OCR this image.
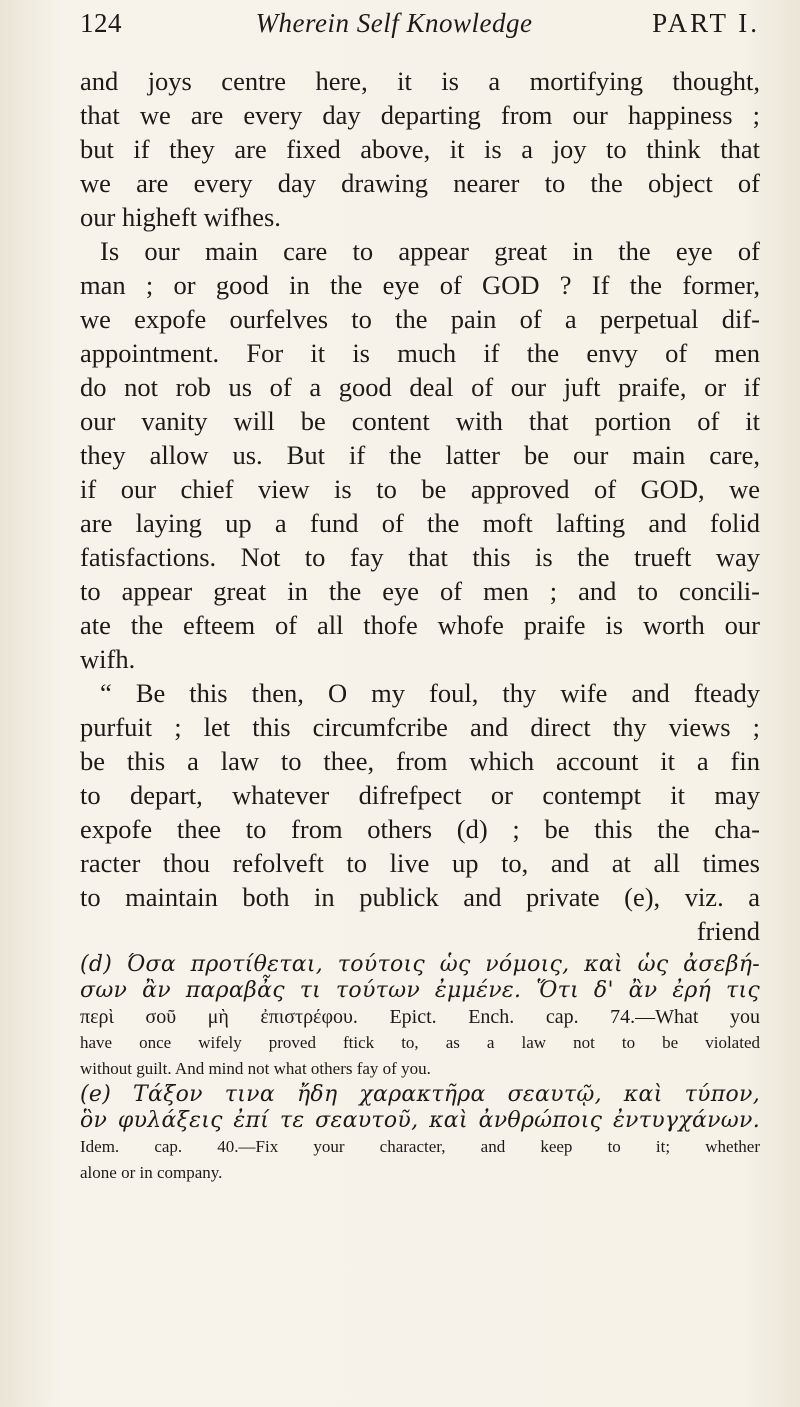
124	Wherein Self Knowledge	PART I.
and joys centre here, it is a mortifying thought,
that we are every day departing from our happiness ;
but if they are fixed above, it is a joy to think that
we are every day drawing nearer to the object of
our higheft wifhes.
Is our main care to appear great in the eye of
man ; or good in the eye of GOD ? If the former,
we expofe ourfelves to the pain of a perpetual dif-
appointment. For it is much if the envy of men
do not rob us of a good deal of our juft praife, or if
our vanity will be content with that portion of it
they allow us. But if the latter be our main care,
if our chief view is to be approved of GOD, we
are laying up a fund of the moft lafting and folid
fatisfactions. Not to fay that this is the trueft way
to appear great in the eye of men ; and to concili-
ate the efteem of all thofe whofe praife is worth our
wifh.
“ Be this then, O my foul, thy wife and fteady
purfuit ; let this circumfcribe and direct thy views ;
be this a law to thee, from which account it a fin
to depart, whatever difrefpect or contempt it may
expofe thee to from others (d) ; be this the cha-
racter thou refolveft to live up to, and at all times
to maintain both in publick and private (e), viz. a
friend
(d) Όσα προτίθεται, τούτοις ὡς νόμοις, καὶ ὡς ἀσεβή-
σων ἂν παραβἆς τι τούτων ἐμμένε. Ὅτι δ' ἂν ἐρή τις
περὶ σοῦ μὴ ἐπιστρέφου. Epict. Ench. cap. 74.—What you
have once wifely proved ftick to, as a law not to be violated
without guilt. And mind not what others fay of you.
(e) Τάξον τινα ἤδη χαρακτῆρα σεαυτῷ, καὶ τύπον,
ὃν φυλάξεις ἐπί τε σεαυτοῦ, καὶ ἀνθρώποις ἐντυγχάνων.
Idem. cap. 40.—Fix your character, and keep to it; whether
alone or in company.
